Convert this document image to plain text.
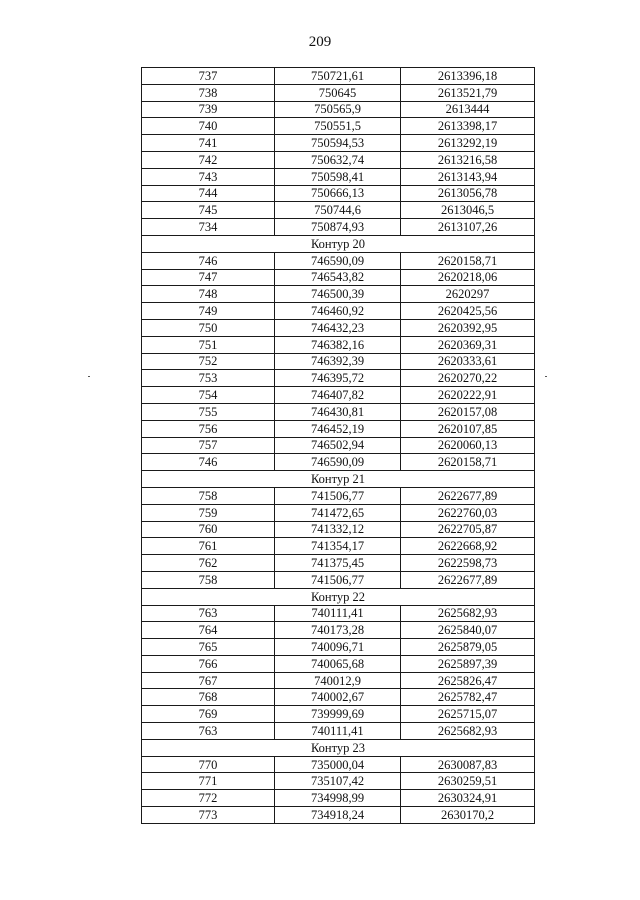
209
737	750721,61	2613396,18
738	750645	2613521,79
739	750565,9	2613444
740	750551,5	2613398,17
741	750594,53	2613292,19
742	750632,74	2613216,58
743	750598,41	2613143,94
744	750666,13	2613056,78
745	750744,6	2613046,5
734	750874,93	2613107,26
Контур 20		
746	746590,09	2620158,71
747	746543,82	2620218,06
748	746500,39	2620297
749	746460,92	2620425,56
750	746432,23	2620392,95
751	746382,16	2620369,31
752	746392,39	2620333,61
753	746395,72	2620270,22
754	746407,82	2620222,91
755	746430,81	2620157,08
756	746452,19	2620107,85
757	746502,94	2620060,13
746	746590,09	2620158,71
Контур 21		
758	741506,77	2622677,89
759	741472,65	2622760,03
760	741332,12	2622705,87
761	741354,17	2622668,92
762	741375,45	2622598,73
758	741506,77	2622677,89
Контур 22		
763	740111,41	2625682,93
764	740173,28	2625840,07
765	740096,71	2625879,05
766	740065,68	2625897,39
767	740012,9	2625826,47
768	740002,67	2625782,47
769	739999,69	2625715,07
763	740111,41	2625682,93
Контур 23		
770	735000,04	2630087,83
771	735107,42	2630259,51
772	734998,99	2630324,91
773	734918,24	2630170,2
